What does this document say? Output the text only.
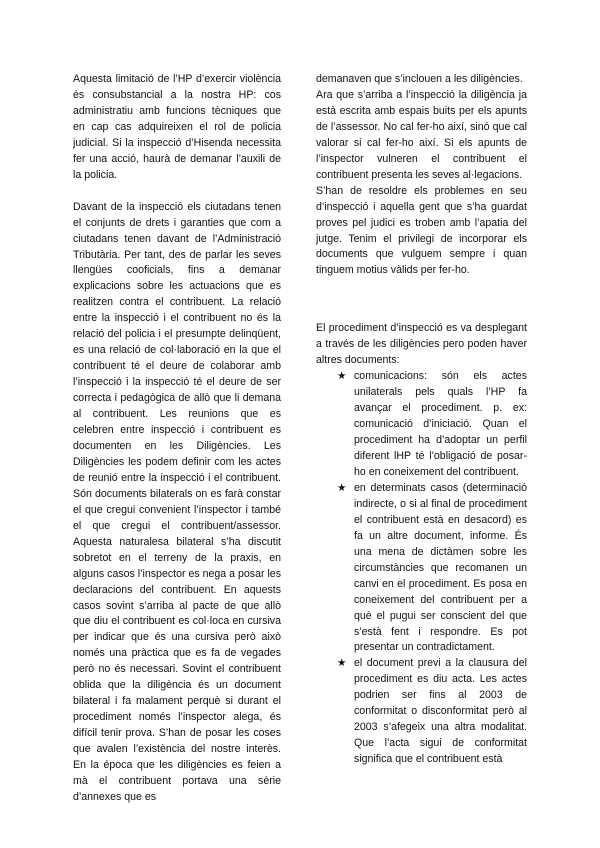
Aquesta limitació de l’HP d’exercir violència és consubstancial a la nostra HP: cos administratiu amb funcions tècniques que en cap cas adquireixen el rol de policia judicial. Si la inspecció d’Hisenda necessita fer una acció, haurà de demanar l’auxili de la policia.

Davant de la inspecció els ciutadans tenen el conjunts de drets i garanties que com a ciutadans tenen davant de l’Administració Tributària. Per tant, des de parlar les seves llengües cooficials, fins a demanar explicacions sobre les actuacions que es realitzen contra el contribuent. La relació entre la inspecció i el contribuent no és la relació del policia i el presumpte delinqüent, es una relació de col·laboració en la que el contribuent té el deure de colaborar amb l’inspecció i la inspecció té el deure de ser correcta i pedagògica de allò que li demana al contribuent. Les reunions que es celebren entre inspecció i contribuent es documenten en les Diligències. Les Diligències les podem definir com les actes de reunió entre la inspecció i el contribuent. Són documents bilaterals on es farà constar el que cregui convenient l’inspector i també el que cregui el contribuent/assessor. Aquesta naturalesa bilateral s’ha discutit sobretot en el terreny de la praxis, en alguns casos l’inspector es nega a posar les declaracions del contribuent. En aquests casos sovint s’arriba al pacte de que allò que diu el contribuent es col·loca en cursiva per indicar que és una cursiva però això només una pràctica que es fa de vegades però no és necessari. Sovint el contribuent oblida que la diligència és un document bilateral i fa malament perquè si durant el procediment només l’inspector alega, és difícil tenir prova. S’han de posar les coses que avalen l’existència del nostre interès. En la época que les diligències es feien a mà el contribuent portava una sèrie d’annexes que es

demanaven que s’inclouen a les diligències.

Ara que s’arriba a l’inspecció la diligència ja està escrita amb espais buits per els apunts de l’assessor. No cal fer-ho així, sinó que cal valorar si cal fer-ho així. Si els apunts de l’inspector vulneren el contribuent el contribuent presenta les seves al·legacions.

S’han de resoldre els problemes en seu d’inspecció i aquella gent que s’ha guardat proves pel judici es troben amb l’apatia del jutge. Tenim el privilegi de incorporar els documents que vulguem sempre i quan tinguem motius vàlids per fer-ho.

El procediment d’inspecció es va desplegant a través de les diligències pero poden haver altres documents:

★ comunicacions: són els actes unilaterals pels quals l’HP fa avançar el procediment. p. ex: comunicació d’iniciació. Quan el procediment ha d’adoptar un perfil diferent lHP té l’obligació de posar-ho en coneixement del contribuent.
★ en determinats casos (determinació indirecte, o si al final de procediment el contribuent està en desacord) es fa un altre document, informe. És una mena de dictàmen sobre les circumstàncies que recomanen un canvi en el procediment. Es posa en coneixement del contribuent per a què el pugui ser conscient del que s’està fent i respondre. Es pot presentar un contradictament.
★ el document previ a la clausura del procediment es diu acta. Les actes podrien ser fins al 2003 de conformitat o disconformitat però al 2003 s’afegeix una altra modalitat. Que l’acta sigui de conformitat significa que el contribuent està
